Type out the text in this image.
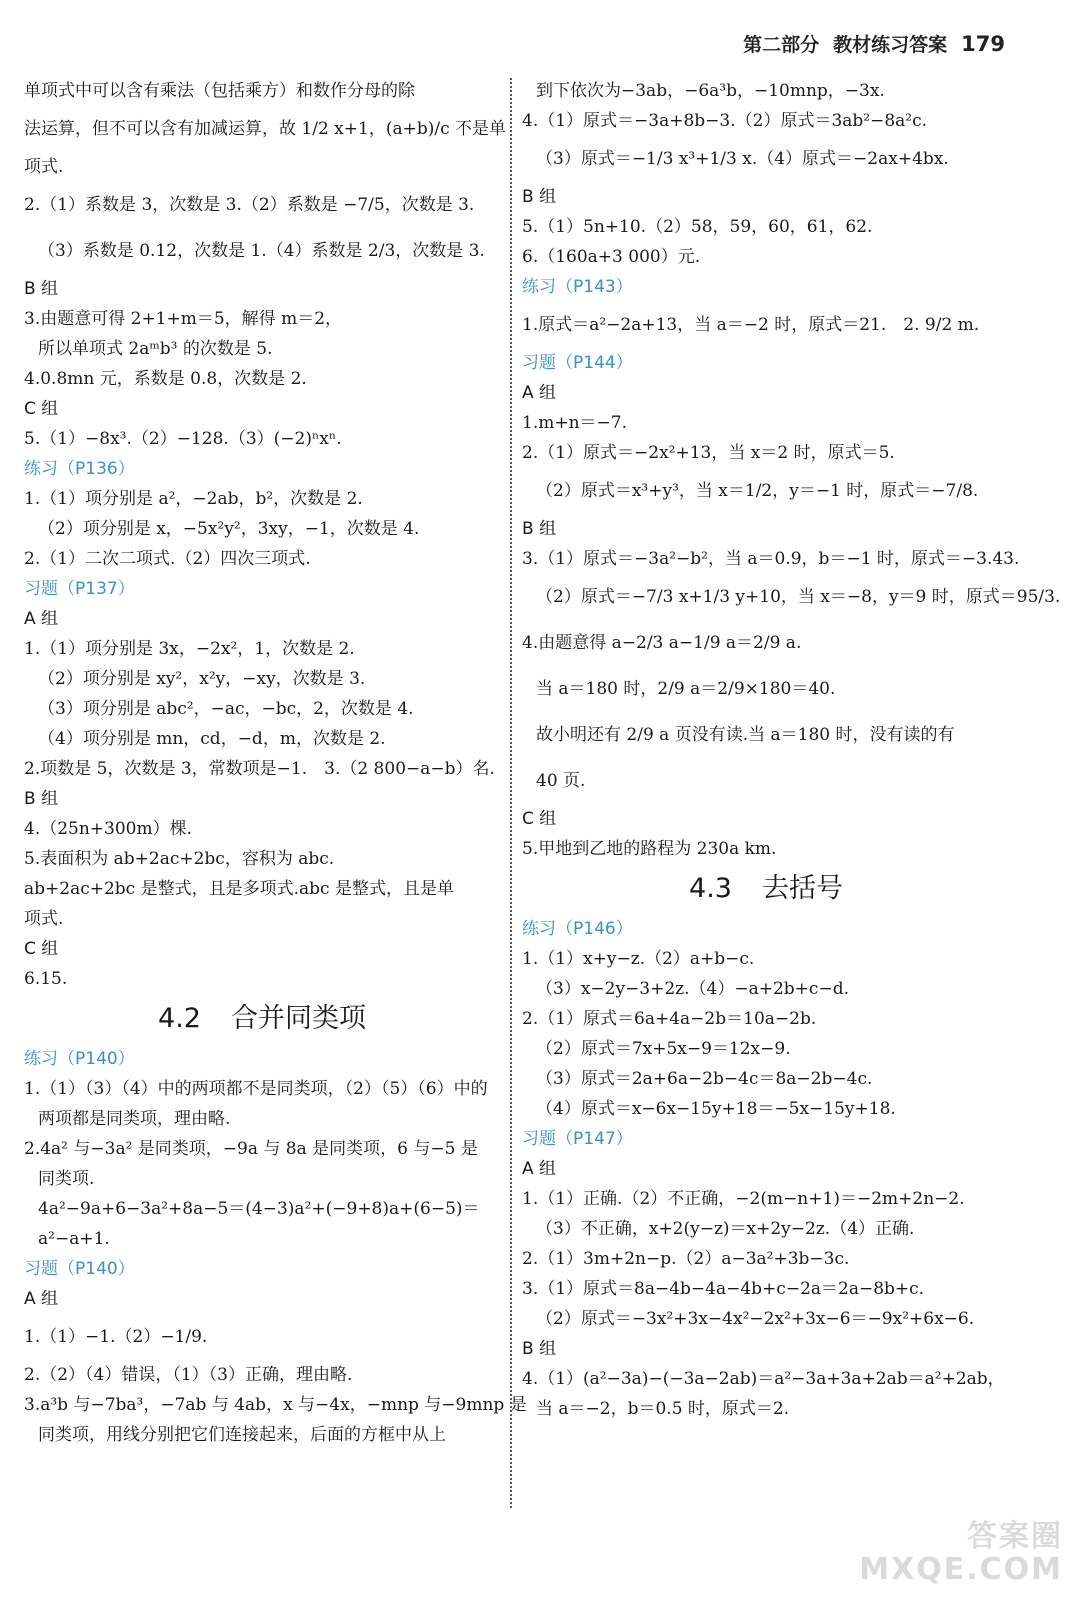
第二部分 教材练习答案 179
单项式中可以含有乘法（包括乘方）和数作分母的除
法运算，但不可以含有加减运算，故 1/2 x+1，(a+b)/c 不是单
项式.
2.（1）系数是 3，次数是 3.（2）系数是 −7/5，次数是 3.
（3）系数是 0.12，次数是 1.（4）系数是 2/3，次数是 3.
B 组
3.由题意可得 2+1+m＝5，解得 m＝2，
所以单项式 2aᵐb³ 的次数是 5.
4.0.8mn 元，系数是 0.8，次数是 2.
C 组
5.（1）−8x³.（2）−128.（3）(−2)ⁿxⁿ.
练习（P136）
1.（1）项分别是 a²，−2ab，b²，次数是 2.
（2）项分别是 x，−5x²y²，3xy，−1，次数是 4.
2.（1）二次二项式.（2）四次三项式.
习题（P137）
A 组
1.（1）项分别是 3x，−2x²，1，次数是 2.
（2）项分别是 xy²，x²y，−xy，次数是 3.
（3）项分别是 abc²，−ac，−bc，2，次数是 4.
（4）项分别是 mn，cd，−d，m，次数是 2.
2.项数是 5，次数是 3，常数项是−1.　3.（2 800−a−b）名.
B 组
4.（25n+300m）棵.
5.表面积为 ab+2ac+2bc，容积为 abc.
ab+2ac+2bc 是整式，且是多项式.abc 是整式，且是单
项式.
C 组
6.15.
4.2 合并同类项
练习（P140）
1.（1）（3）（4）中的两项都不是同类项，（2）（5）（6）中的
两项都是同类项，理由略.
2.4a² 与−3a² 是同类项，−9a 与 8a 是同类项，6 与−5 是
同类项.
4a²−9a+6−3a²+8a−5＝(4−3)a²+(−9+8)a+(6−5)＝
a²−a+1.
习题（P140）
A 组
1.（1）−1.（2）−1/9.
2.（2）（4）错误，（1）（3）正确，理由略.
3.a³b 与−7ba³，−7ab 与 4ab，x 与−4x，−mnp 与−9mnp 是
同类项，用线分别把它们连接起来，后面的方框中从上
到下依次为−3ab，−6a³b，−10mnp，−3x.
4.（1）原式＝−3a+8b−3.（2）原式＝3ab²−8a²c.
（3）原式＝−1/3 x³+1/3 x.（4）原式＝−2ax+4bx.
B 组
5.（1）5n+10.（2）58，59，60，61，62.
6.（160a+3 000）元.
练习（P143）
1.原式＝a²−2a+13，当 a＝−2 时，原式＝21.　2. 9/2 m.
习题（P144）
A 组
1.m+n＝−7.
2.（1）原式＝−2x²+13，当 x＝2 时，原式＝5.
（2）原式＝x³+y³，当 x＝1/2，y＝−1 时，原式＝−7/8.
B 组
3.（1）原式＝−3a²−b²，当 a＝0.9，b＝−1 时，原式＝−3.43.
（2）原式＝−7/3 x+1/3 y+10，当 x＝−8，y＝9 时，原式＝95/3.
4.由题意得 a−2/3 a−1/9 a＝2/9 a.
当 a＝180 时，2/9 a＝2/9×180＝40.
故小明还有 2/9 a 页没有读.当 a＝180 时，没有读的有
40 页.
C 组
5.甲地到乙地的路程为 230a km.
4.3 去括号
练习（P146）
1.（1）x+y−z.（2）a+b−c.
（3）x−2y−3+2z.（4）−a+2b+c−d.
2.（1）原式＝6a+4a−2b＝10a−2b.
（2）原式＝7x+5x−9＝12x−9.
（3）原式＝2a+6a−2b−4c＝8a−2b−4c.
（4）原式＝x−6x−15y+18＝−5x−15y+18.
习题（P147）
A 组
1.（1）正确.（2）不正确，−2(m−n+1)＝−2m+2n−2.
（3）不正确，x+2(y−z)＝x+2y−2z.（4）正确.
2.（1）3m+2n−p.（2）a−3a²+3b−3c.
3.（1）原式＝8a−4b−4a−4b+c−2a＝2a−8b+c.
（2）原式＝−3x²+3x−4x²−2x²+3x−6＝−9x²+6x−6.
B 组
4.（1）(a²−3a)−(−3a−2ab)＝a²−3a+3a+2ab＝a²+2ab，
当 a＝−2，b＝0.5 时，原式＝2.
答案圈
MXQE.COM
